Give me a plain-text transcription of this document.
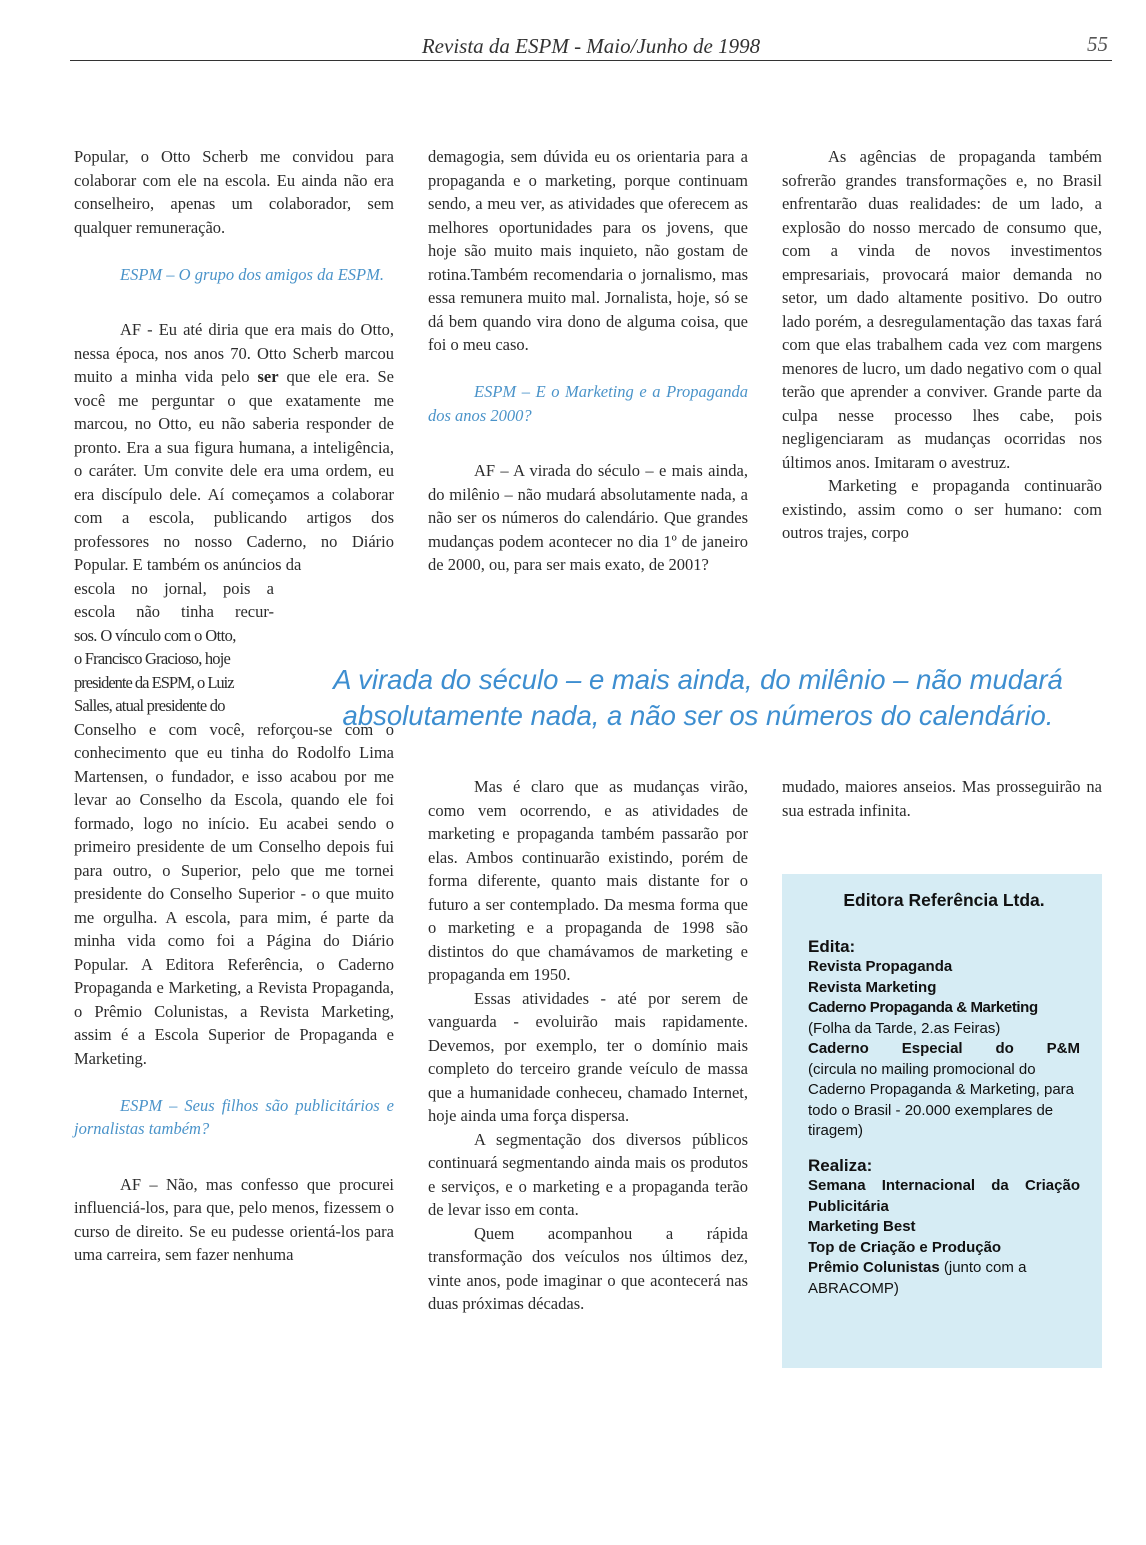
Revista da ESPM - Maio/Junho de 1998	55

Popular, o Otto Scherb me convidou para colaborar com ele na escola. Eu ainda não era conselheiro, apenas um colaborador, sem qualquer remuneração.

ESPM – O grupo dos amigos da ESPM.

AF - Eu até diria que era mais do Otto, nessa época, nos anos 70. Otto Scherb marcou muito a minha vida pelo ser que ele era. Se você me perguntar o que exatamente me marcou, no Otto, eu não saberia responder de pronto. Era a sua figura humana, a inteligência, o caráter. Um convite dele era uma ordem, eu era discípulo dele. Aí começamos a colaborar com a escola, publicando artigos dos professores no nosso Caderno, no Diário Popular. E também os anúncios da

escola no jornal, pois a
escola não tinha recur-
sos. O vínculo com o Otto,
o Francisco Gracioso, hoje
presidente da ESPM, o Luiz
Salles, atual presidente do

Conselho e com você, reforçou-se com o conhecimento que eu tinha do Rodolfo Lima Martensen, o fundador, e isso acabou por me levar ao Conselho da Escola, quando ele foi formado, logo no início. Eu acabei sendo o primeiro presidente de um Conselho depois fui para outro, o Superior, pelo que me tornei presidente do Conselho Superior - o que muito me orgulha. A escola, para mim, é parte da minha vida como foi a Página do Diário Popular. A Editora Referência, o Caderno Propaganda e Marketing, a Revista Propaganda, o Prêmio Colunistas, a Revista Marketing, assim é a Escola Superior de Propaganda e Marketing.

ESPM – Seus filhos são publicitários e jornalistas também?

AF – Não, mas confesso que procurei influenciá-los, para que, pelo menos, fizessem o curso de direito. Se eu pudesse orientá-los para uma carreira, sem fazer nenhuma

demagogia, sem dúvida eu os orientaria para a propaganda e o marketing, porque continuam sendo, a meu ver, as atividades que oferecem as melhores oportunidades para os jovens, que hoje são muito mais inquieto, não gostam de rotina.Também recomendaria o jornalismo, mas essa remunera muito mal. Jornalista, hoje, só se dá bem quando vira dono de alguma coisa, que foi o meu caso.

ESPM – E o Marketing e a Propaganda dos anos 2000?

AF – A virada do século – e mais ainda, do milênio – não mudará absolutamente nada, a não ser os números do calendário. Que grandes mudanças podem acontecer no dia 1º de janeiro de 2000, ou, para ser mais exato, de 2001?

As agências de propaganda também sofrerão grandes transformações e, no Brasil enfrentarão duas realidades: de um lado, a explosão do nosso mercado de consumo que, com a vinda de novos investimentos empresariais, provocará maior demanda no setor, um dado altamente positivo. Do outro lado porém, a desregulamentação das taxas fará com que elas trabalhem cada vez com margens menores de lucro, um dado negativo com o qual terão que aprender a conviver. Grande parte da culpa nesse processo lhes cabe, pois negligenciaram as mudanças ocorridas nos últimos anos. Imitaram o avestruz.

Marketing e propaganda continuarão existindo, assim como o ser humano: com outros trajes, corpo

A virada do século – e mais ainda, do milênio – não mudará absolutamente nada, a não ser os números do calendário.

Mas é claro que as mudanças virão, como vem ocorrendo, e as atividades de marketing e propaganda também passarão por elas. Ambos continuarão existindo, porém de forma diferente, quanto mais distante for o futuro a ser contemplado. Da mesma forma que o marketing e a propaganda de 1998 são distintos do que chamávamos de marketing e propaganda em 1950.

Essas atividades - até por serem de vanguarda - evoluirão mais rapidamente. Devemos, por exemplo, ter o domínio mais completo do terceiro grande veículo de massa que a humanidade conheceu, chamado Internet, hoje ainda uma força dispersa.

A segmentação dos diversos públicos continuará segmentando ainda mais os produtos e serviços, e o marketing e a propaganda terão de levar isso em conta.

Quem acompanhou a rápida transformação dos veículos nos últimos dez, vinte anos, pode imaginar o que acontecerá nas duas próximas décadas.

mudado, maiores anseios. Mas prosseguirão na sua estrada infinita.

Editora Referência Ltda.

Edita:

Revista Propaganda

Revista Marketing

Caderno Propaganda & Marketing

(Folha da Tarde, 2.as Feiras)

Caderno Especial do P&M

(circula no mailing promocional do Caderno Propaganda & Marketing, para todo o Brasil - 20.000 exemplares de tiragem)

Realiza:

Semana Internacional da Criação Publicitária

Marketing Best

Top de Criação e Produção

Prêmio Colunistas (junto com a ABRACOMP)
